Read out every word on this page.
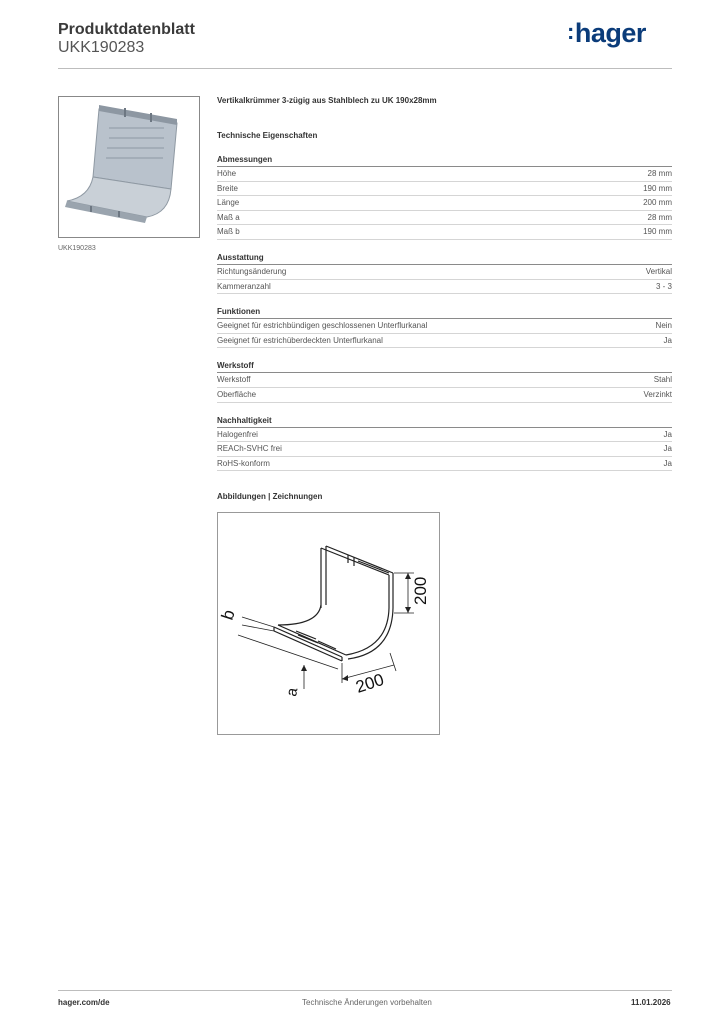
Produktdatenblatt
UKK190283
:hager
UKK190283
Vertikalkrümmer 3-zügig aus Stahlblech zu UK 190x28mm
Technische Eigenschaften
Abmessungen
Höhe	28 mm
Breite	190 mm
Länge	200 mm
Maß a	28 mm
Maß b	190 mm
Ausstattung
Richtungsänderung	Vertikal
Kammeranzahl	3 - 3
Funktionen
Geeignet für estrichbündigen geschlossenen Unterflurkanal	Nein
Geeignet für estrichüberdeckten Unterflurkanal	Ja
Werkstoff
Werkstoff	Stahl
Oberfläche	Verzinkt
Nachhaltigkeit
Halogenfrei	Ja
REACh-SVHC frei	Ja
RoHS-konform	Ja
Abbildungen | Zeichnungen
200
200
b
a
hager.com/de	Technische Änderungen vorbehalten	11.01.2026
